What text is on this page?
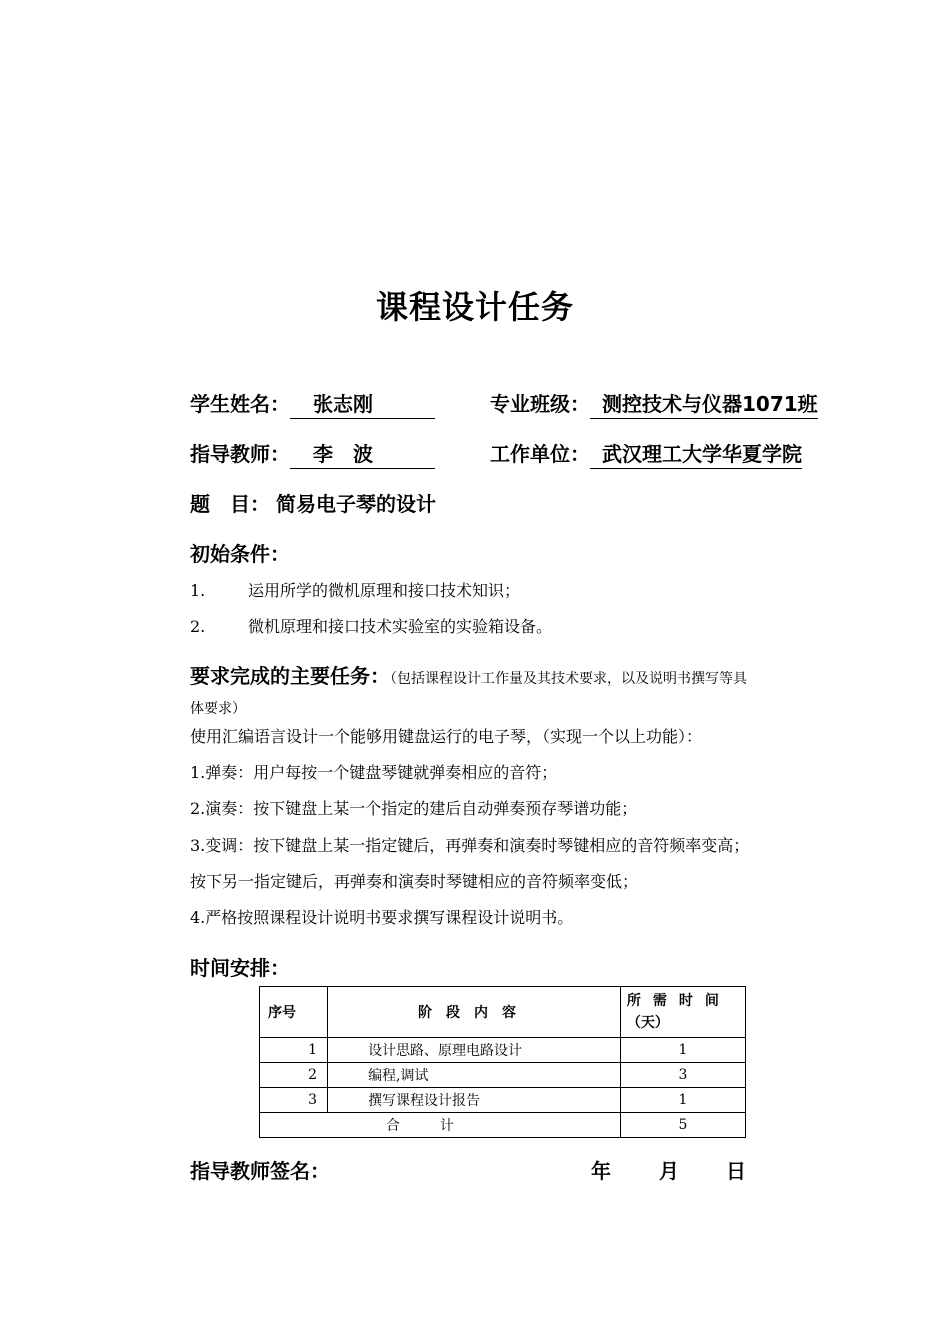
课程设计任务
学生姓名： 张志刚	专业班级： 测控技术与仪器1071班
指导教师： 李　波	工作单位： 武汉理工大学华夏学院
题　目： 简易电子琴的设计
初始条件：
1.	运用所学的微机原理和接口技术知识；
2.	微机原理和接口技术实验室的实验箱设备。
要求完成的主要任务：（包括课程设计工作量及其技术要求，以及说明书撰写等具
体要求）
使用汇编语言设计一个能够用键盘运行的电子琴，（实现一个以上功能）：
1.弹奏：用户每按一个键盘琴键就弹奏相应的音符；
2.演奏：按下键盘上某一个指定的建后自动弹奏预存琴谱功能；
3.变调：按下键盘上某一指定键后，再弹奏和演奏时琴键相应的音符频率变高；
按下另一指定键后，再弹奏和演奏时琴键相应的音符频率变低；
4.严格按照课程设计说明书要求撰写课程设计说明书。
时间安排：
序号	阶段内容	所需时间
（天）
1	设计思路、原理电路设计	1
2	编程,调试	3
3	撰写课程设计报告	1
合计		5
指导教师签名：	年 月 日
